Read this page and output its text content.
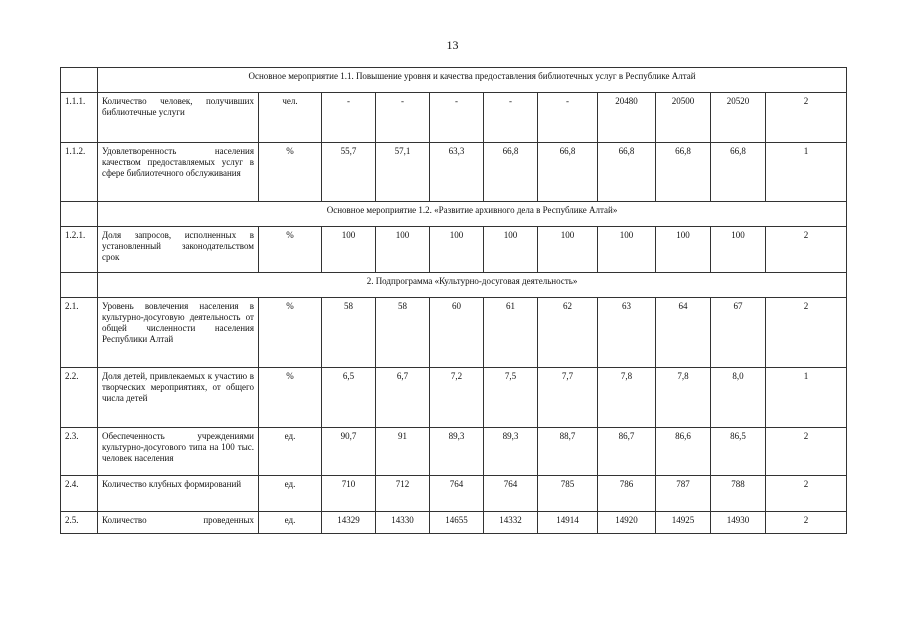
13
	Основное мероприятие 1.1. Повышение уровня и качества предоставления библиотечных услуг в Республике Алтай										
1.1.1.	Количество человек, получивших библиотечные услуги	чел.	-	-	-	-	-	20480	20500	20520	2
1.1.2.	Удовлетворенность населения качеством предоставляемых услуг в сфере библиотечного обслуживания	%	55,7	57,1	63,3	66,8	66,8	66,8	66,8	66,8	1
	Основное мероприятие 1.2. «Развитие архивного дела в Республике Алтай»										
1.2.1.	Доля запросов, исполненных в установленный законодательством срок	%	100	100	100	100	100	100	100	100	2
	2. Подпрограмма «Культурно-досуговая деятельность»										
2.1.	Уровень вовлечения населения в культурно-досуговую деятельность от общей численности населения Республики Алтай	%	58	58	60	61	62	63	64	67	2
2.2.	Доля детей, привлекаемых к участию в творческих мероприятиях, от общего числа детей	%	6,5	6,7	7,2	7,5	7,7	7,8	7,8	8,0	1
2.3.	Обеспеченность учреждениями культурно-досугового типа на 100 тыс. человек населения	ед.	90,7	91	89,3	89,3	88,7	86,7	86,6	86,5	2
2.4.	Количество клубных формирований	ед.	710	712	764	764	785	786	787	788	2
2.5.	Количество проведенных	ед.	14329	14330	14655	14332	14914	14920	14925	14930	2
